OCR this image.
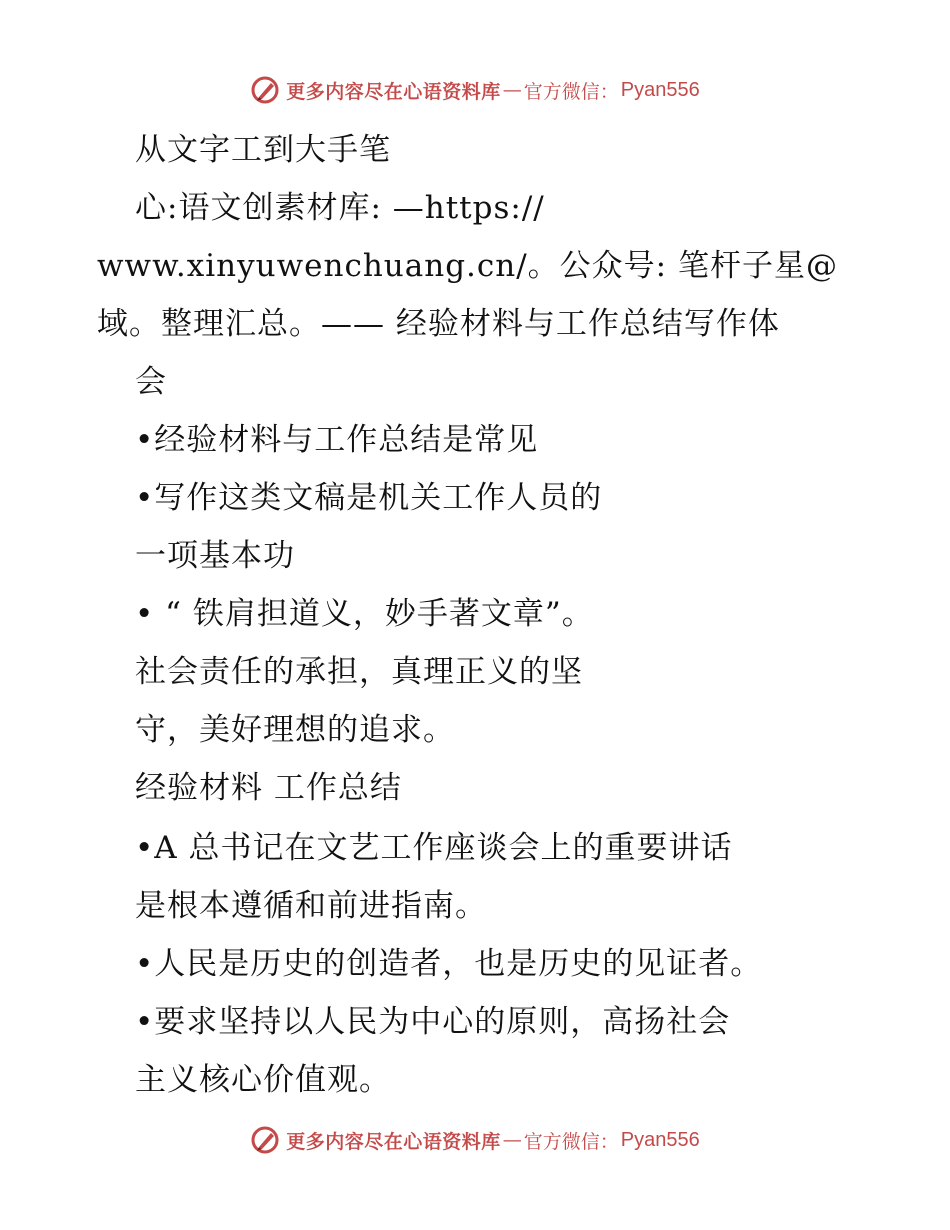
更多内容尽在心语资料库 — 官方微信： Pyan556
从文字工到大手笔
心:语文创素材库: —https://
www.xinyuwenchuang.cn/。公众号: 笔杆子星@
域。整理汇总。—— 经验材料与工作总结写作体
会
•经验材料与工作总结是常见
•写作这类文稿是机关工作人员的
一项基本功
• “ 铁肩担道义，妙手著文章”。
社会责任的承担，真理正义的坚
守，美好理想的追求。
经验材料 工作总结
•A 总书记在文艺工作座谈会上的重要讲话
是根本遵循和前进指南。
•人民是历史的创造者，也是历史的见证者。
•要求坚持以人民为中心的原则，高扬社会
主义核心价值观。
更多内容尽在心语资料库 — 官方微信： Pyan556
